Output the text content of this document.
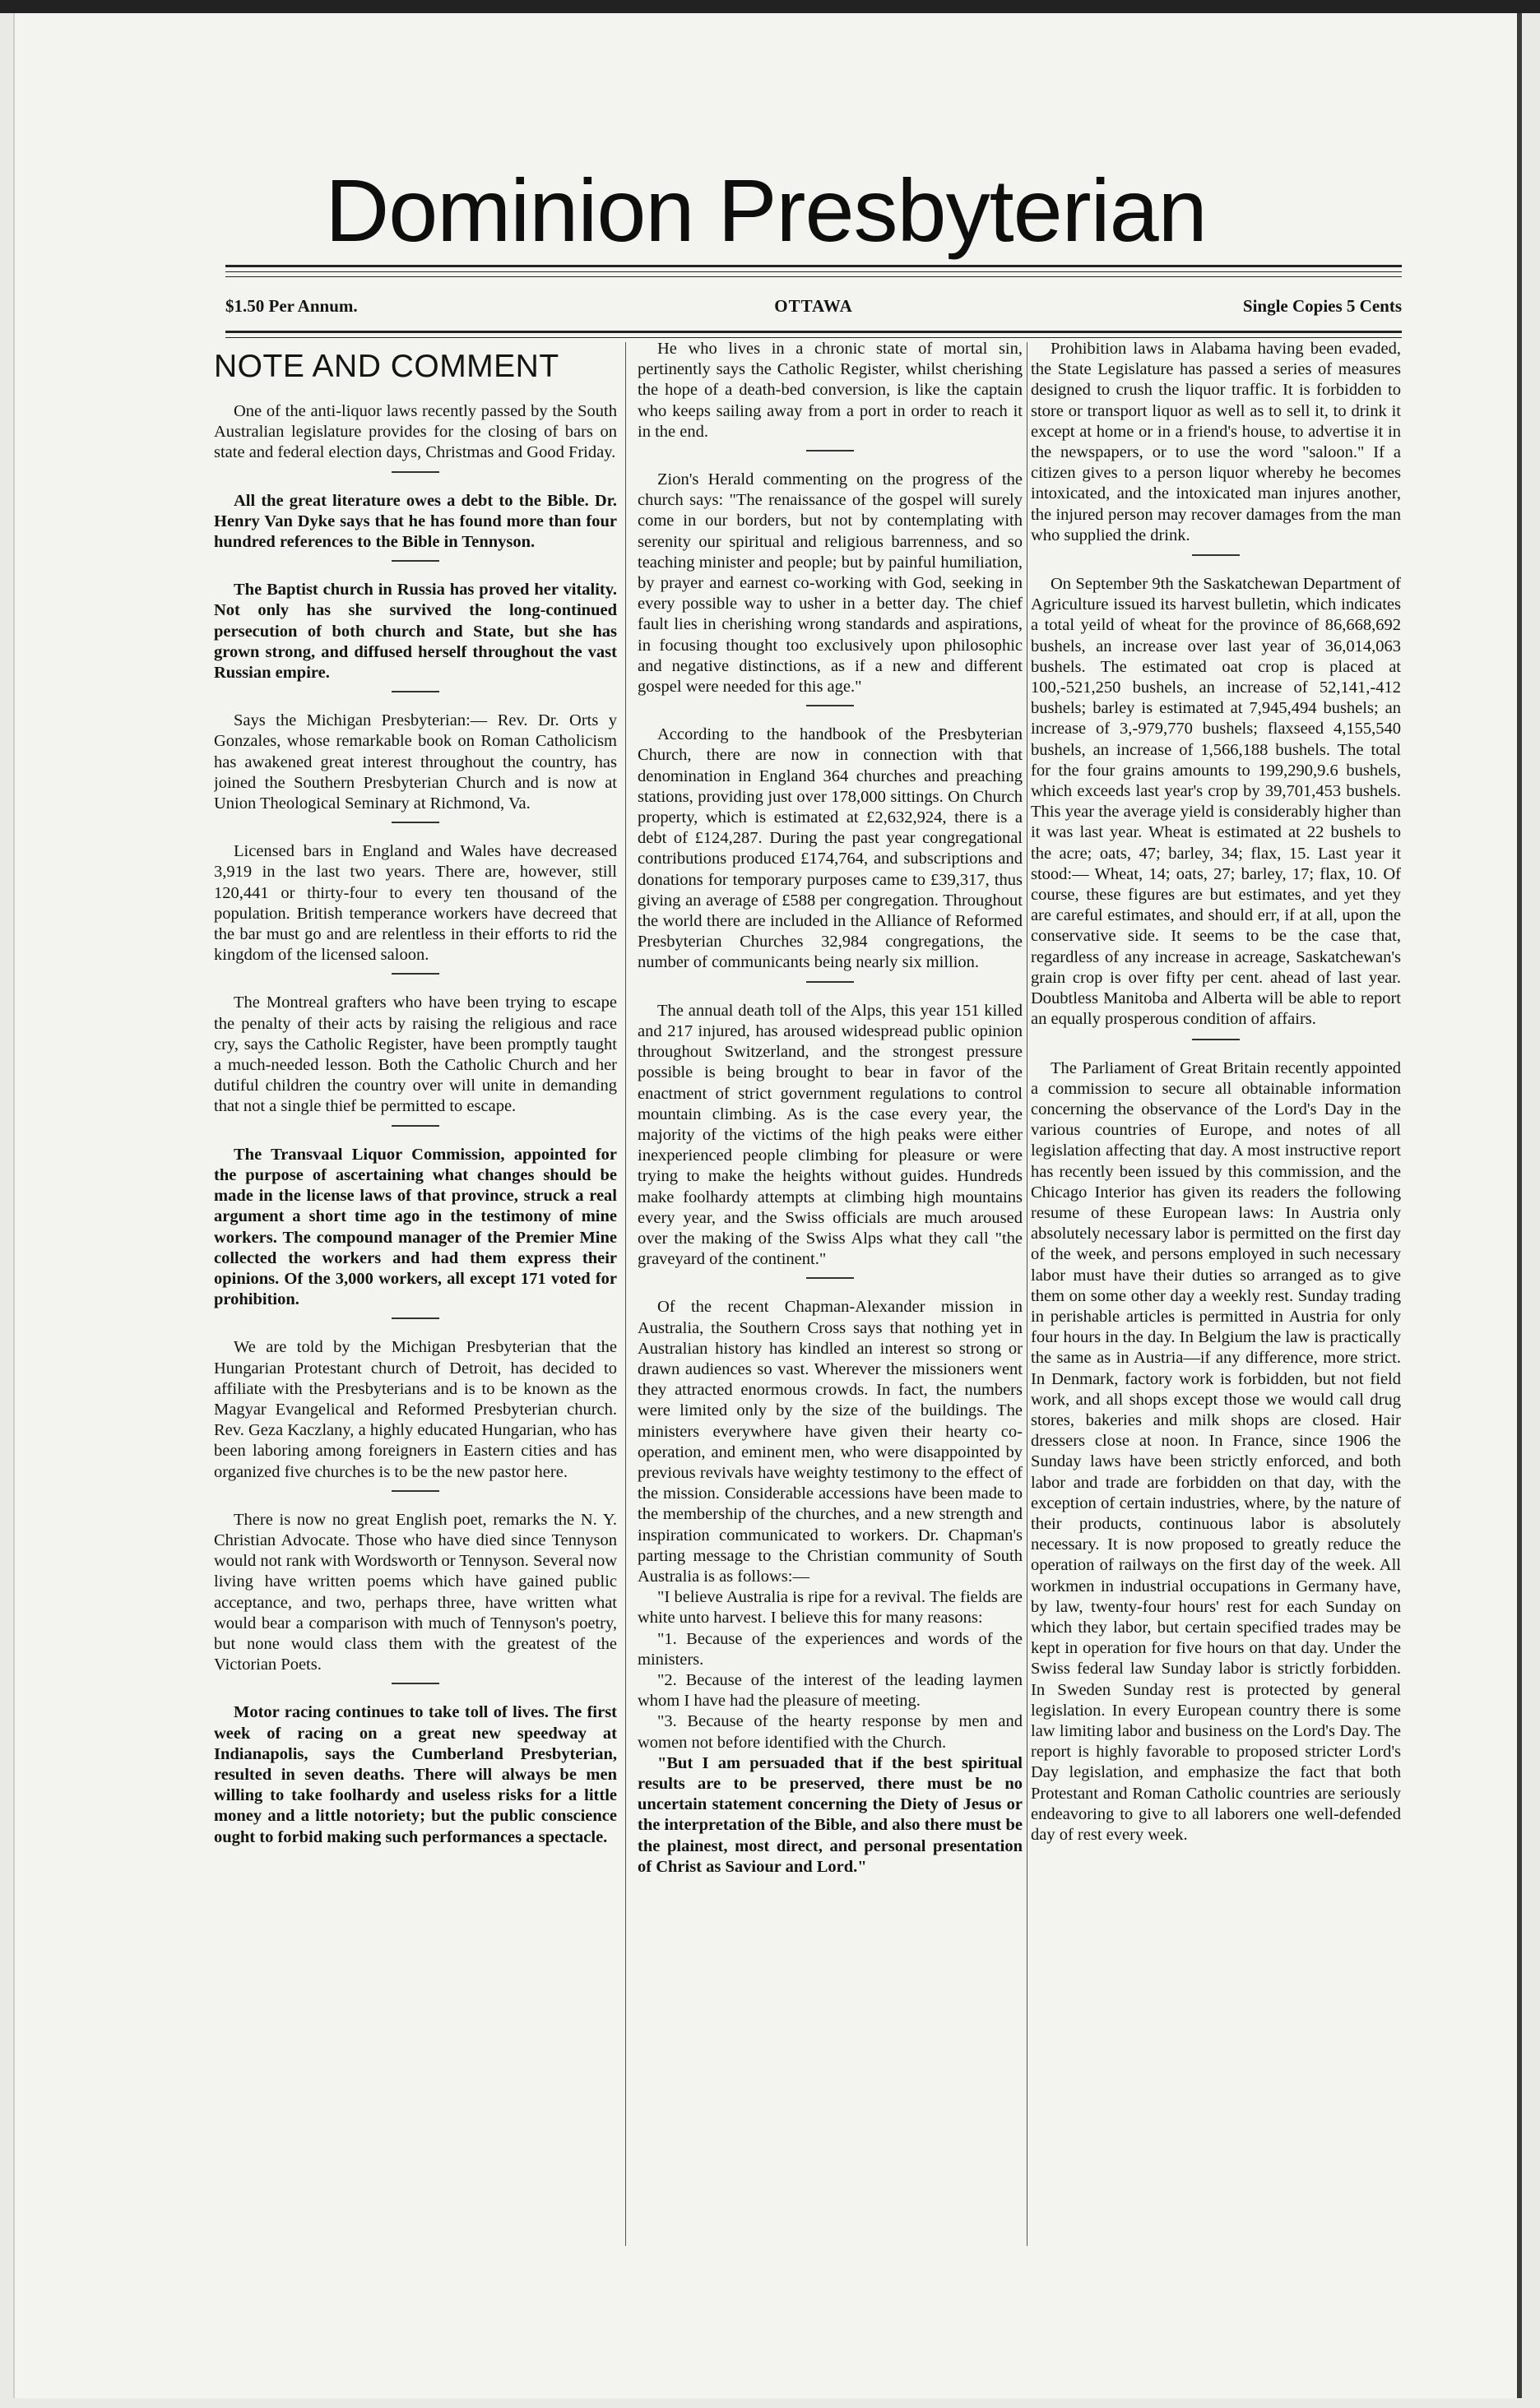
Dominion Presbyterian
$1.50 Per Annum.	OTTAWA	Single Copies 5 Cents
NOTE AND COMMENT

One of the anti-liquor laws recently passed by the South Australian legislature provides for the closing of bars on state and federal election days, Christmas and Good Friday.

All the great literature owes a debt to the Bible. Dr. Henry Van Dyke says that he has found more than four hundred references to the Bible in Tennyson.

The Baptist church in Russia has proved her vitality. Not only has she survived the long-continued persecution of both church and State, but she has grown strong, and diffused herself throughout the vast Russian empire.

Says the Michigan Presbyterian:— Rev. Dr. Orts y Gonzales, whose remarkable book on Roman Catholicism has awakened great interest throughout the country, has joined the Southern Presbyterian Church and is now at Union Theological Seminary at Richmond, Va.

Licensed bars in England and Wales have decreased 3,919 in the last two years. There are, however, still 120,441 or thirty-four to every ten thousand of the population. British temperance workers have decreed that the bar must go and are relentless in their efforts to rid the kingdom of the licensed saloon.

The Montreal grafters who have been trying to escape the penalty of their acts by raising the religious and race cry, says the Catholic Register, have been promptly taught a much-needed lesson. Both the Catholic Church and her dutiful children the country over will unite in demanding that not a single thief be permitted to escape.

The Transvaal Liquor Commission, appointed for the purpose of ascertaining what changes should be made in the license laws of that province, struck a real argument a short time ago in the testimony of mine workers. The compound manager of the Premier Mine collected the workers and had them express their opinions. Of the 3,000 workers, all except 171 voted for prohibition.

We are told by the Michigan Presbyterian that the Hungarian Protestant church of Detroit, has decided to affiliate with the Presbyterians and is to be known as the Magyar Evangelical and Reformed Presbyterian church. Rev. Geza Kaczlany, a highly educated Hungarian, who has been laboring among foreigners in Eastern cities and has organized five churches is to be the new pastor here.

There is now no great English poet, remarks the N. Y. Christian Advocate. Those who have died since Tennyson would not rank with Wordsworth or Tennyson. Several now living have written poems which have gained public acceptance, and two, perhaps three, have written what would bear a comparison with much of Tennyson's poetry, but none would class them with the greatest of the Victorian Poets.

Motor racing continues to take toll of lives. The first week of racing on a great new speedway at Indianapolis, says the Cumberland Presbyterian, resulted in seven deaths. There will always be men willing to take foolhardy and useless risks for a little money and a little notoriety; but the public conscience ought to forbid making such performances a spectacle.

He who lives in a chronic state of mortal sin, pertinently says the Catholic Register, whilst cherishing the hope of a death-bed conversion, is like the captain who keeps sailing away from a port in order to reach it in the end.

Zion's Herald commenting on the progress of the church says: "The renaissance of the gospel will surely come in our borders, but not by contemplating with serenity our spiritual and religious barrenness, and so teaching minister and people; but by painful humiliation, by prayer and earnest co-working with God, seeking in every possible way to usher in a better day. The chief fault lies in cherishing wrong standards and aspirations, in focusing thought too exclusively upon philosophic and negative distinctions, as if a new and different gospel were needed for this age."

According to the handbook of the Presbyterian Church, there are now in connection with that denomination in England 364 churches and preaching stations, providing just over 178,000 sittings. On Church property, which is estimated at £2,632,924, there is a debt of £124,287. During the past year congregational contributions produced £174,764, and subscriptions and donations for temporary purposes came to £39,317, thus giving an average of £588 per congregation. Throughout the world there are included in the Alliance of Reformed Presbyterian Churches 32,984 congregations, the number of communicants being nearly six million.

The annual death toll of the Alps, this year 151 killed and 217 injured, has aroused widespread public opinion throughout Switzerland, and the strongest pressure possible is being brought to bear in favor of the enactment of strict government regulations to control mountain climbing. As is the case every year, the majority of the victims of the high peaks were either inexperienced people climbing for pleasure or were trying to make the heights without guides. Hundreds make foolhardy attempts at climbing high mountains every year, and the Swiss officials are much aroused over the making of the Swiss Alps what they call "the graveyard of the continent."

Of the recent Chapman-Alexander mission in Australia, the Southern Cross says that nothing yet in Australian history has kindled an interest so strong or drawn audiences so vast. Wherever the missioners went they attracted enormous crowds. In fact, the numbers were limited only by the size of the buildings. The ministers everywhere have given their hearty co-operation, and eminent men, who were disappointed by previous revivals have weighty testimony to the effect of the mission. Considerable accessions have been made to the membership of the churches, and a new strength and inspiration communicated to workers. Dr. Chapman's parting message to the Christian community of South Australia is as follows:—

"I believe Australia is ripe for a revival. The fields are white unto harvest. I believe this for many reasons:

"1. Because of the experiences and words of the ministers.

"2. Because of the interest of the leading laymen whom I have had the pleasure of meeting.

"3. Because of the hearty response by men and women not before identified with the Church.

"But I am persuaded that if the best spiritual results are to be preserved, there must be no uncertain statement concerning the Diety of Jesus or the interpretation of the Bible, and also there must be the plainest, most direct, and personal presentation of Christ as Saviour and Lord."

Prohibition laws in Alabama having been evaded, the State Legislature has passed a series of measures designed to crush the liquor traffic. It is forbidden to store or transport liquor as well as to sell it, to drink it except at home or in a friend's house, to advertise it in the newspapers, or to use the word "saloon." If a citizen gives to a person liquor whereby he becomes intoxicated, and the intoxicated man injures another, the injured person may recover damages from the man who supplied the drink.

On September 9th the Saskatchewan Department of Agriculture issued its harvest bulletin, which indicates a total yeild of wheat for the province of 86,668,692 bushels, an increase over last year of 36,014,063 bushels. The estimated oat crop is placed at 100,-521,250 bushels, an increase of 52,141,-412 bushels; barley is estimated at 7,945,494 bushels; an increase of 3,-979,770 bushels; flaxseed 4,155,540 bushels, an increase of 1,566,188 bushels. The total for the four grains amounts to 199,290,9.6 bushels, which exceeds last year's crop by 39,701,453 bushels. This year the average yield is considerably higher than it was last year. Wheat is estimated at 22 bushels to the acre; oats, 47; barley, 34; flax, 15. Last year it stood:— Wheat, 14; oats, 27; barley, 17; flax, 10. Of course, these figures are but estimates, and yet they are careful estimates, and should err, if at all, upon the conservative side. It seems to be the case that, regardless of any increase in acreage, Saskatchewan's grain crop is over fifty per cent. ahead of last year. Doubtless Manitoba and Alberta will be able to report an equally prosperous condition of affairs.

The Parliament of Great Britain recently appointed a commission to secure all obtainable information concerning the observance of the Lord's Day in the various countries of Europe, and notes of all legislation affecting that day. A most instructive report has recently been issued by this commission, and the Chicago Interior has given its readers the following resume of these European laws: In Austria only absolutely necessary labor is permitted on the first day of the week, and persons employed in such necessary labor must have their duties so arranged as to give them on some other day a weekly rest. Sunday trading in perishable articles is permitted in Austria for only four hours in the day. In Belgium the law is practically the same as in Austria—if any difference, more strict. In Denmark, factory work is forbidden, but not field work, and all shops except those we would call drug stores, bakeries and milk shops are closed. Hair dressers close at noon. In France, since 1906 the Sunday laws have been strictly enforced, and both labor and trade are forbidden on that day, with the exception of certain industries, where, by the nature of their products, continuous labor is absolutely necessary. It is now proposed to greatly reduce the operation of railways on the first day of the week. All workmen in industrial occupations in Germany have, by law, twenty-four hours' rest for each Sunday on which they labor, but certain specified trades may be kept in operation for five hours on that day. Under the Swiss federal law Sunday labor is strictly forbidden. In Sweden Sunday rest is protected by general legislation. In every European country there is some law limiting labor and business on the Lord's Day. The report is highly favorable to proposed stricter Lord's Day legislation, and emphasize the fact that both Protestant and Roman Catholic countries are seriously endeavoring to give to all laborers one well-defended day of rest every week.
